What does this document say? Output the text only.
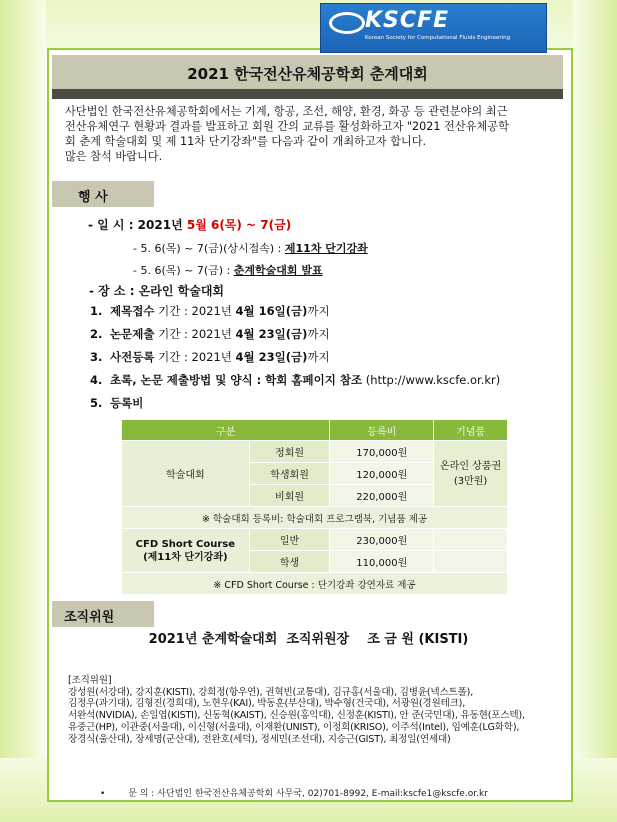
KSCFE
Korean Society for Computational Fluids Engineering
2021 한국전산유체공학회 춘계대회
사단법인 한국전산유체공학회에서는 기계, 항공, 조선, 해양, 환경, 화공 등 관련분야의 최근
전산유체연구 현황과 결과를 발표하고 회원 간의 교류를 활성화하고자 "2021 전산유체공학
회 춘계 학술대회 및 제 11차 단기강좌"를 다음과 같이 개최하고자 합니다.
많은 참석 바랍니다.
행 사
- 일 시 : 2021년 5월 6(목) ~ 7(금)
- 5. 6(목) ~ 7(금)(상시접속) : 제11차 단기강좌
- 5. 6(목) ~ 7(금) : 춘계학술대회 발표
- 장 소 : 온라인 학술대회
1. 제목접수 기간 : 2021년 4월 16일(금)까지
2. 논문제출 기간 : 2021년 4월 23일(금)까지
3. 사전등록 기간 : 2021년 4월 23일(금)까지
4. 초록, 논문 제출방법 및 양식 : 학회 홈페이지 참조 (http://www.kscfe.or.kr)
5. 등록비
구분		등록비	기념품
학술대회	정회원	170,000원	온라인 상품권
(3만원)
	학생회원	120,000원	
	비회원	220,000원	
※ 학술대회 등록비: 학술대회 프로그램북, 기념품 제공			
CFD Short Course
(제11차 단기강좌)	일반	230,000원	
	학생	110,000원	
※ CFD Short Course : 단기강좌 강연자료 제공			
조직위원
2021년 춘계학술대회  조직위원장    조 금 원 (KISTI)
[조직위원]
강성원(서강대), 강지훈(KISTI), 강희정(항우연), 권혁빈(교통대), 김규홍(서울대), 김병윤(넥스트폴),
김정우(과기대), 김형진(경희대), 노현우(KAI), 박동훈(부산대), 박수형(건국대), 서광원(경원테크),
서완석(NVIDIA), 손일엽(KISTI), 신동혁(KAIST), 신승원(홍익대), 신정훈(KISTI), 안 준(국민대), 유동현(포스텍),
유중근(HP), 이관중(서울대), 이신형(서울대), 이재환(UNIST), 이정희(KRISO), 이주석(Intel), 임예훈(LG화학),
장경식(울산대), 장세명(군산대), 전완호(세덕), 정세민(조선대), 지승근(GIST), 최정일(연세대)
•        문 의 : 사단법인 한국전산유체공학회 사무국, 02)701-8992, E-mail:kscfe1@kscfe.or.kr
